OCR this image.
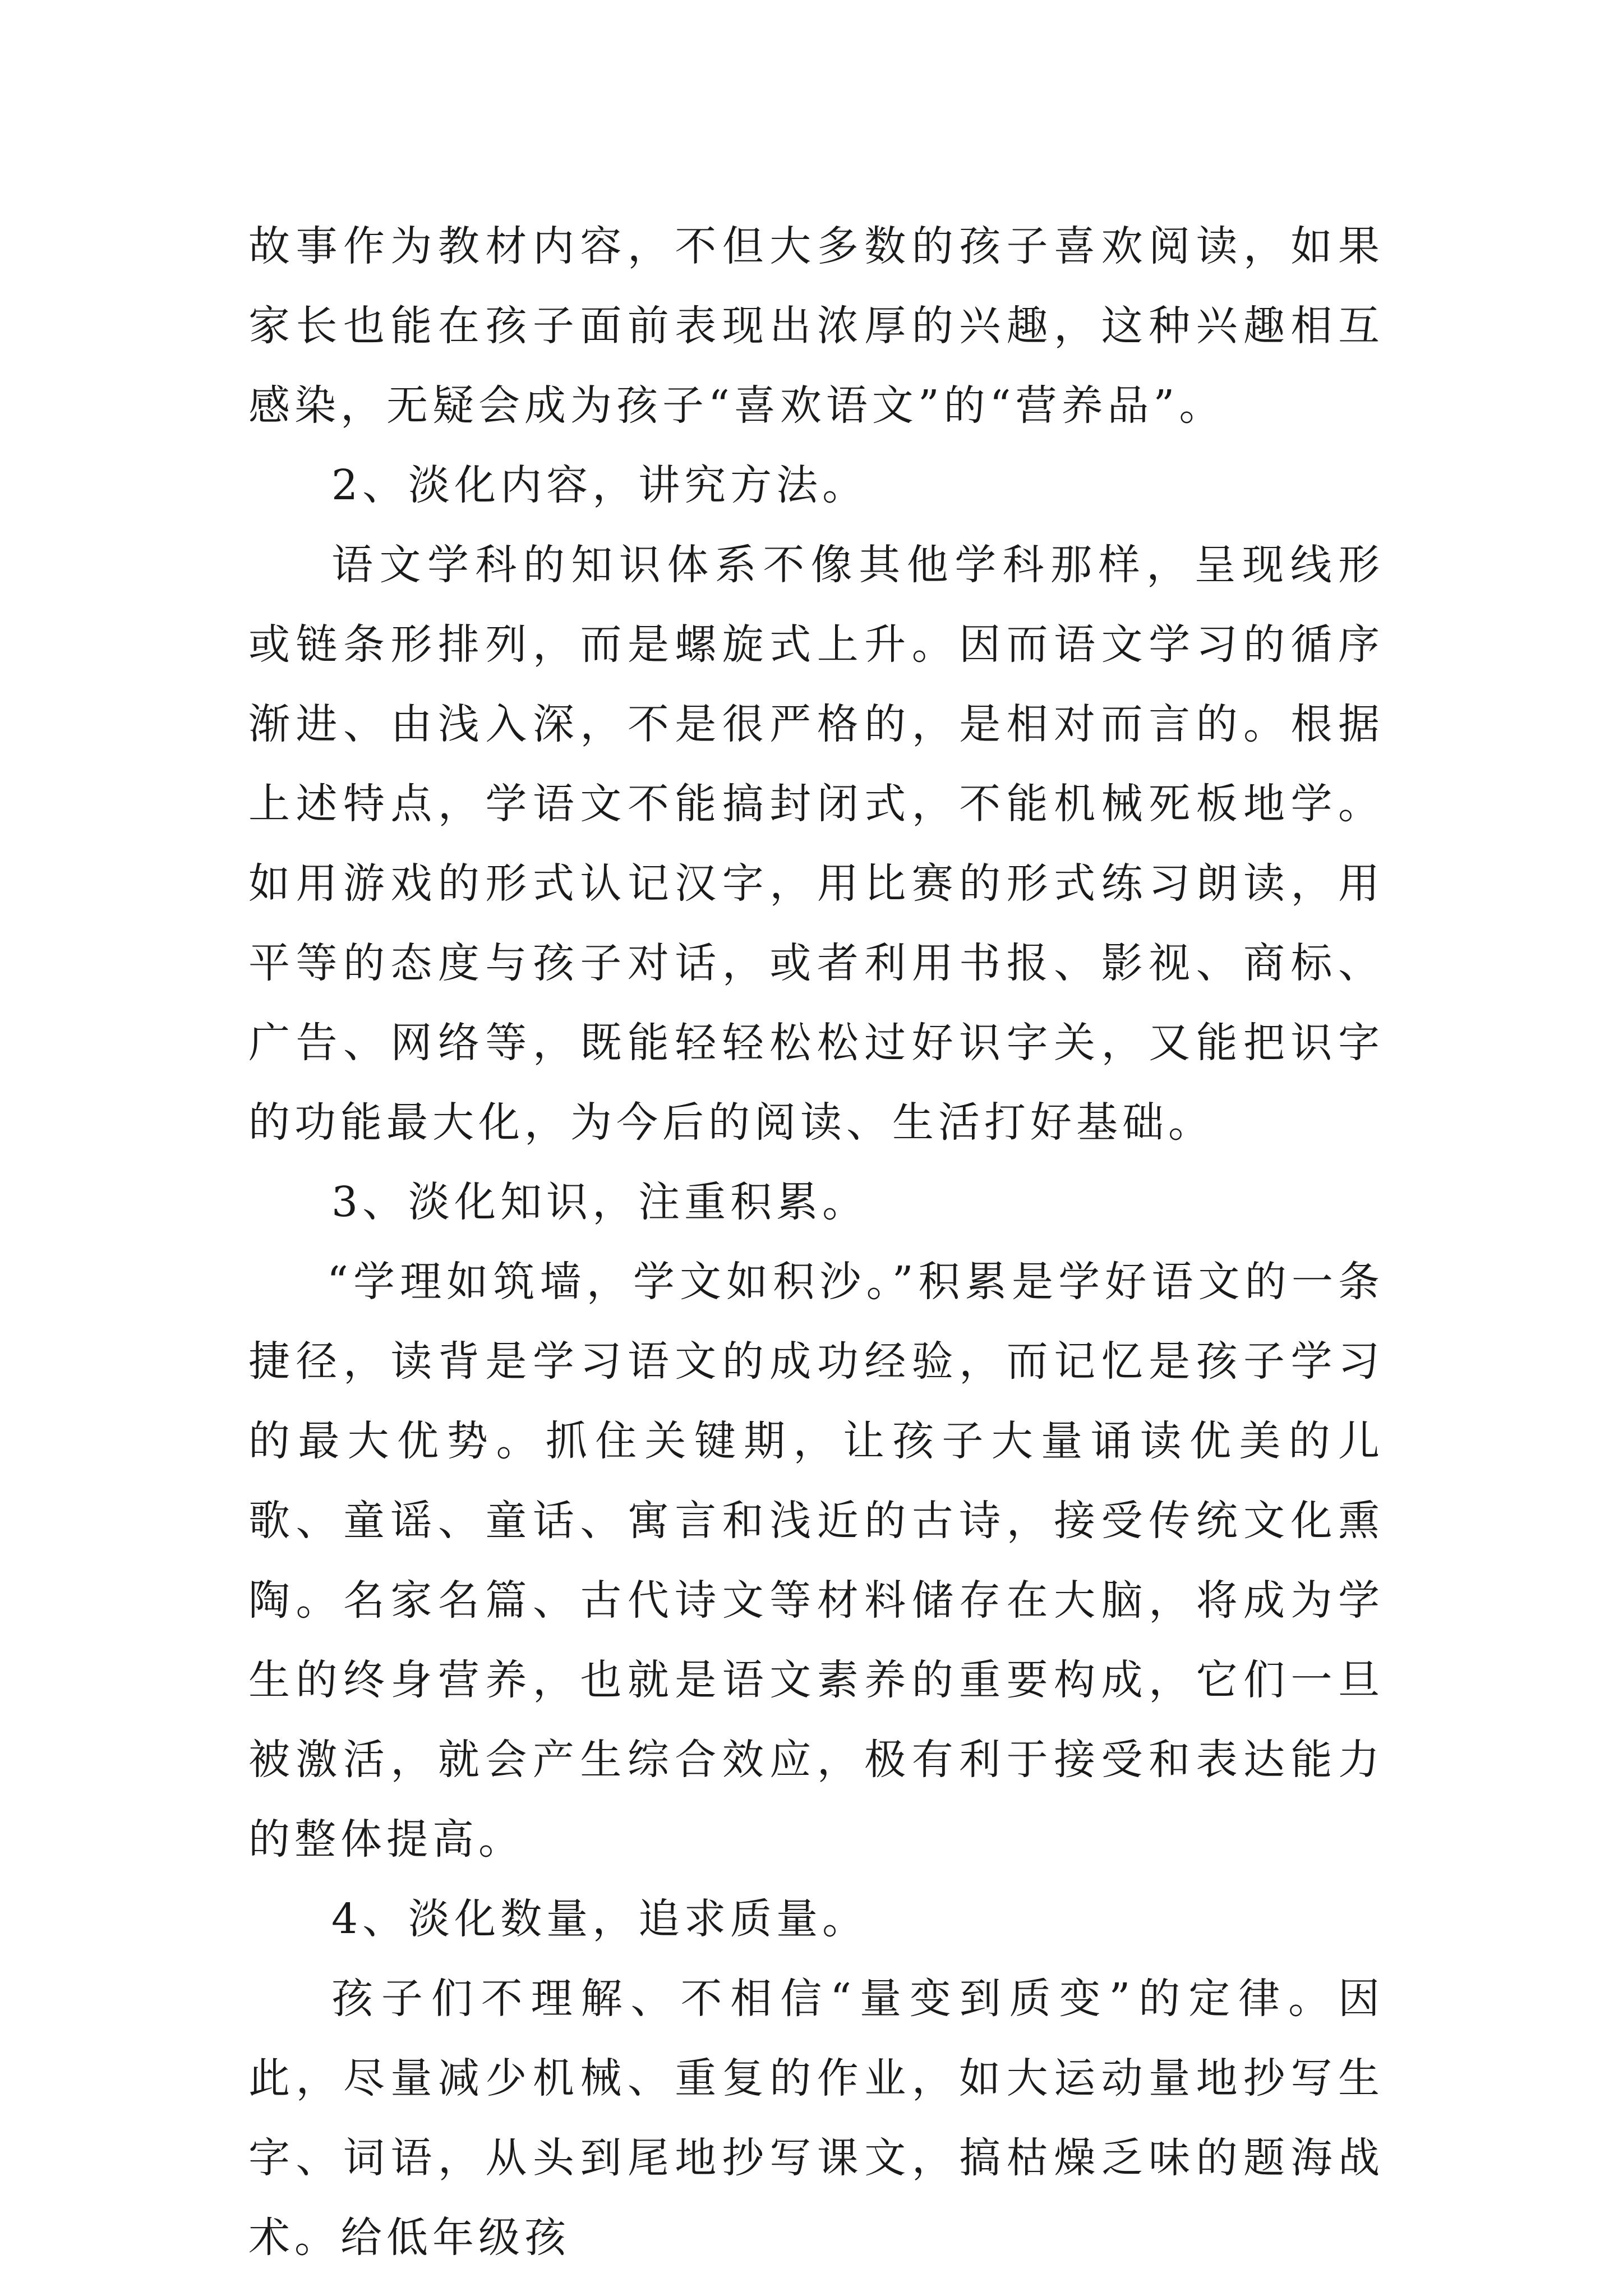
故事作为教材内容，不但大多数的孩子喜欢阅读，如果家长也能在孩子面前表现出浓厚的兴趣，这种兴趣相互感染，无疑会成为孩子“喜欢语文”的“营养品”。

2、淡化内容，讲究方法。

语文学科的知识体系不像其他学科那样，呈现线形或链条形排列，而是螺旋式上升。因而语文学习的循序渐进、由浅入深，不是很严格的，是相对而言的。根据上述特点，学语文不能搞封闭式，不能机械死板地学。如用游戏的形式认记汉字，用比赛的形式练习朗读，用平等的态度与孩子对话，或者利用书报、影视、商标、广告、网络等，既能轻轻松松过好识字关，又能把识字的功能最大化，为今后的阅读、生活打好基础。

3、淡化知识，注重积累。

“学理如筑墙，学文如积沙。”积累是学好语文的一条捷径，读背是学习语文的成功经验，而记忆是孩子学习的最大优势。抓住关键期，让孩子大量诵读优美的儿歌、童谣、童话、寓言和浅近的古诗，接受传统文化熏陶。名家名篇、古代诗文等材料储存在大脑，将成为学生的终身营养，也就是语文素养的重要构成，它们一旦被激活，就会产生综合效应，极有利于接受和表达能力的整体提高。

4、淡化数量，追求质量。

孩子们不理解、不相信“量变到质变”的定律。因此，尽量减少机械、重复的作业，如大运动量地抄写生字、词语，从头到尾地抄写课文，搞枯燥乏味的题海战术。给低年级孩
